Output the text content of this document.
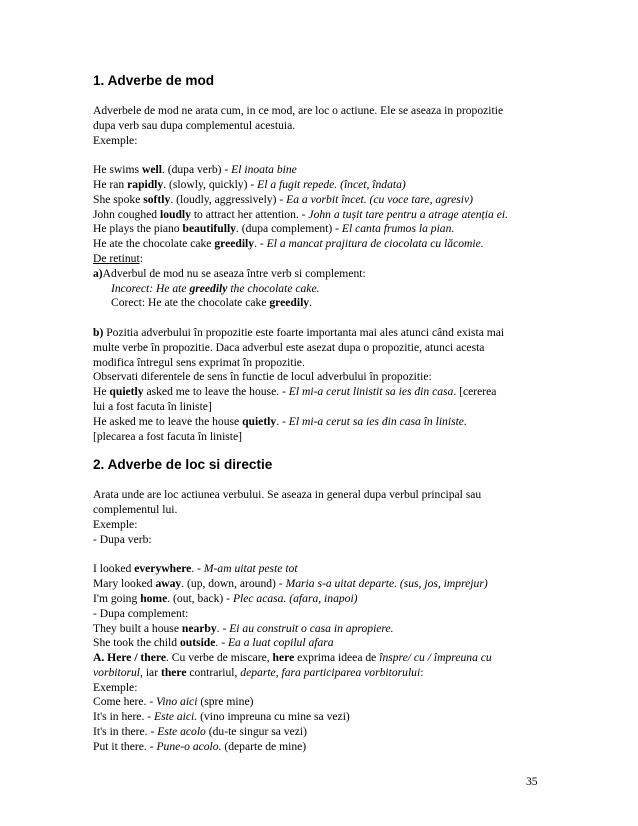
1. Adverbe de mod

Adverbele de mod ne arata cum, in ce mod, are loc o actiune. Ele se aseaza in propozitie

dupa verb sau dupa complementul acestuia.

Exemple:

He swims well. (dupa verb) - El inoata bine

He ran rapidly. (slowly, quickly) - El a fugit repede. (încet, îndata)

She spoke softly. (loudly, aggressively) - Ea a vorbit încet. (cu voce tare, agresiv)

John coughed loudly to attract her attention. - John a tușit tare pentru a atrage atenția ei.

He plays the piano beautifully. (dupa complement) - El canta frumos la pian.

He ate the chocolate cake greedily. - El a mancat prajitura de ciocolata cu lăcomie.

De retinut:

a)Adverbul de mod nu se aseaza între verb si complement:

Incorect: He ate greedily the chocolate cake.

Corect: He ate the chocolate cake greedily.

b) Pozitia adverbului în propozitie este foarte importanta mai ales atunci când exista mai

multe verbe în propozitie. Daca adverbul este asezat dupa o propozitie, atunci acesta

modifica întregul sens exprimat în propozitie.

Observati diferentele de sens în functie de locul adverbului în propozitie:

He quietly asked me to leave the house. - El mi-a cerut linistit sa ies din casa. [cererea

lui a fost facuta în liniste]

He asked me to leave the house quietly. - El mi-a cerut sa ies din casa în liniste.

[plecarea a fost facuta în liniste]

2. Adverbe de loc si directie

Arata unde are loc actiunea verbului. Se aseaza in general dupa verbul principal sau

complementul lui.

Exemple:

- Dupa verb:

I looked everywhere. - M-am uitat peste tot

Mary looked away. (up, down, around) - Maria s-a uitat departe. (sus, jos, imprejur)

I'm going home. (out, back) - Plec acasa. (afara, inapoi)

- Dupa complement:

They built a house nearby. - Ei au construit o casa in apropiere.

She took the child outside. - Ea a luat copilul afara

A. Here / there. Cu verbe de miscare, here exprima ideea de înspre/ cu / împreuna cu

vorbitorul, iar there contrariul, departe, fara participarea vorbitorului:

Exemple:

Come here. - Vino aici (spre mine)

It's in here. - Este aici. (vino impreuna cu mine sa vezi)

It's in there. - Este acolo (du-te singur sa vezi)

Put it there. - Pune-o acolo. (departe de mine)

35
